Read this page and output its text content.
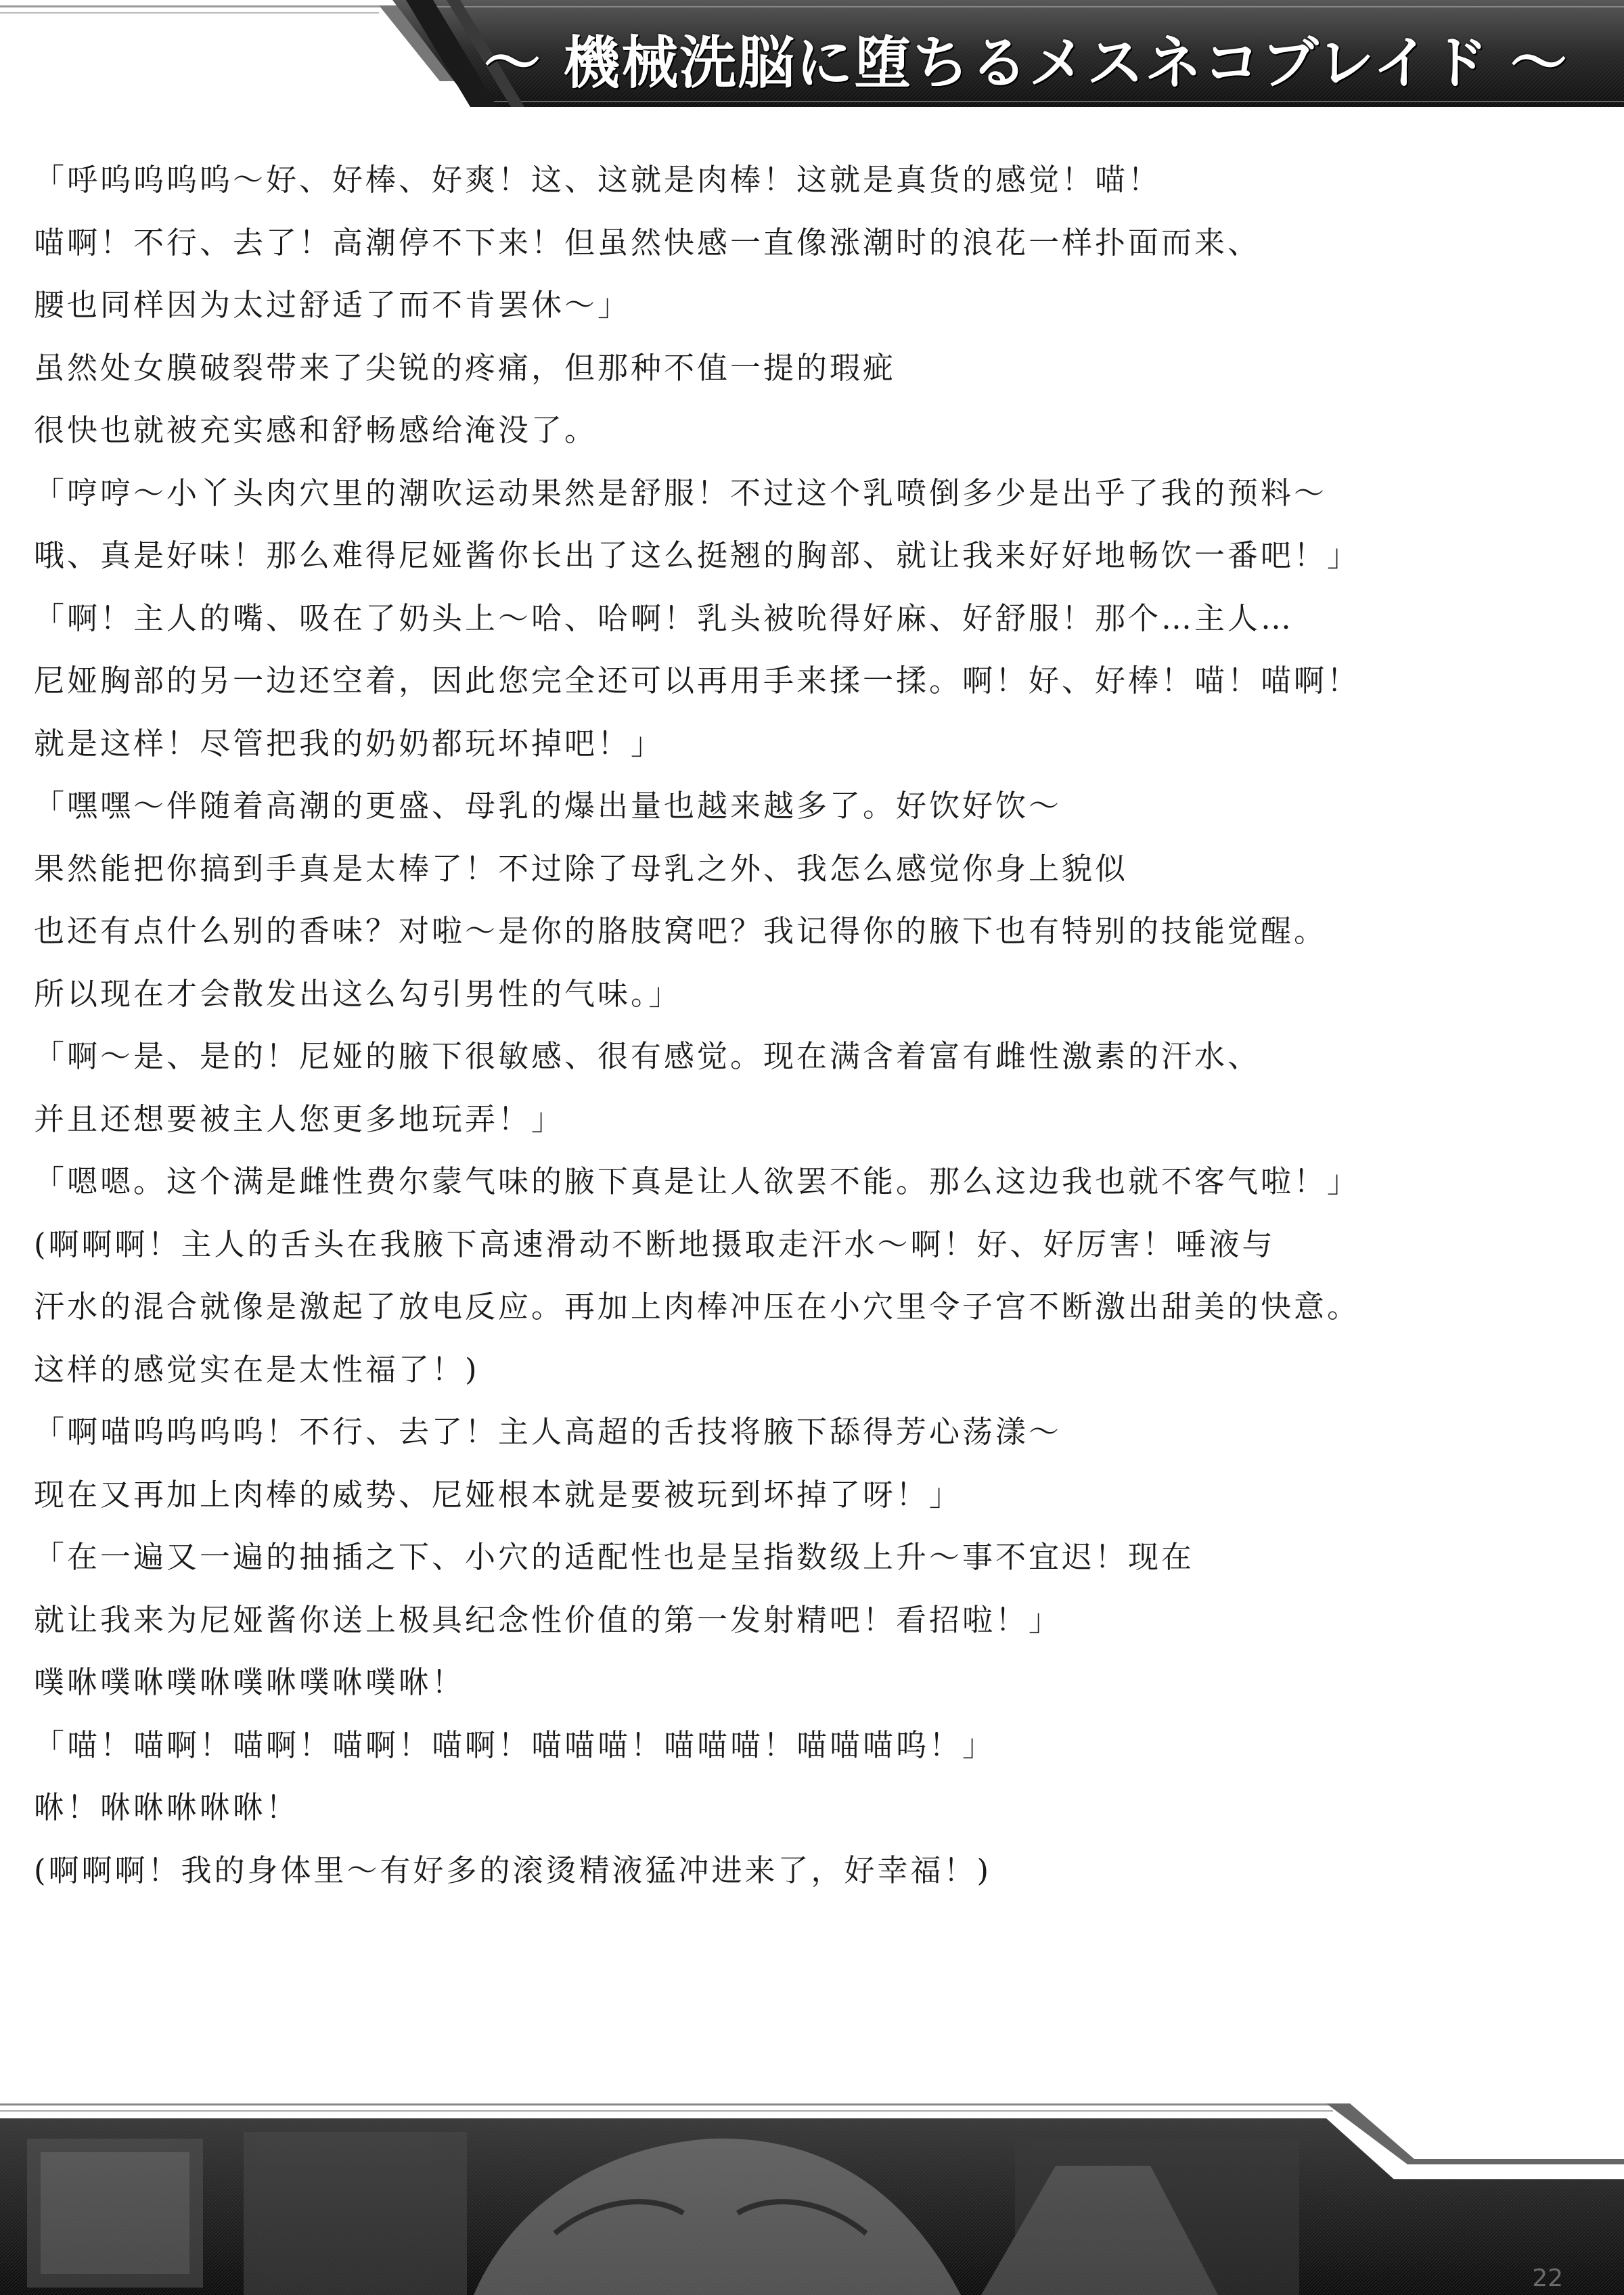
～ 機械洗脳に堕ちるメスネコブレイド ～
「呼呜呜呜呜～好、好棒、好爽！这、这就是肉棒！这就是真货的感觉！喵！
喵啊！不行、去了！高潮停不下来！但虽然快感一直像涨潮时的浪花一样扑面而来、
腰也同样因为太过舒适了而不肯罢休～」
虽然处女膜破裂带来了尖锐的疼痛，但那种不值一提的瑕疵
很快也就被充实感和舒畅感给淹没了。
「哼哼～小丫头肉穴里的潮吹运动果然是舒服！不过这个乳喷倒多少是出乎了我的预料～
哦、真是好味！那么难得尼娅酱你长出了这么挺翘的胸部、就让我来好好地畅饮一番吧！」
「啊！主人的嘴、吸在了奶头上～哈、哈啊！乳头被吮得好麻、好舒服！那个…主人…
尼娅胸部的另一边还空着，因此您完全还可以再用手来揉一揉。啊！好、好棒！喵！喵啊！
就是这样！尽管把我的奶奶都玩坏掉吧！」
「嘿嘿～伴随着高潮的更盛、母乳的爆出量也越来越多了。好饮好饮～
果然能把你搞到手真是太棒了！不过除了母乳之外、我怎么感觉你身上貌似
也还有点什么别的香味？对啦～是你的胳肢窝吧？我记得你的腋下也有特别的技能觉醒。
所以现在才会散发出这么勾引男性的气味。」
「啊～是、是的！尼娅的腋下很敏感、很有感觉。现在满含着富有雌性激素的汗水、
并且还想要被主人您更多地玩弄！」
「嗯嗯。这个满是雌性费尔蒙气味的腋下真是让人欲罢不能。那么这边我也就不客气啦！」
(啊啊啊！主人的舌头在我腋下高速滑动不断地摄取走汗水～啊！好、好厉害！唾液与
汗水的混合就像是激起了放电反应。再加上肉棒冲压在小穴里令子宫不断激出甜美的快意。
这样的感觉实在是太性福了！)
「啊喵呜呜呜呜！不行、去了！主人高超的舌技将腋下舔得芳心荡漾～
现在又再加上肉棒的威势、尼娅根本就是要被玩到坏掉了呀！」
「在一遍又一遍的抽插之下、小穴的适配性也是呈指数级上升～事不宜迟！现在
就让我来为尼娅酱你送上极具纪念性价值的第一发射精吧！看招啦！」
噗咻噗咻噗咻噗咻噗咻噗咻！
「喵！喵啊！喵啊！喵啊！喵啊！喵喵喵！喵喵喵！喵喵喵呜！」
咻！咻咻咻咻咻！
(啊啊啊！我的身体里～有好多的滚烫精液猛冲进来了，好幸福！)
22
